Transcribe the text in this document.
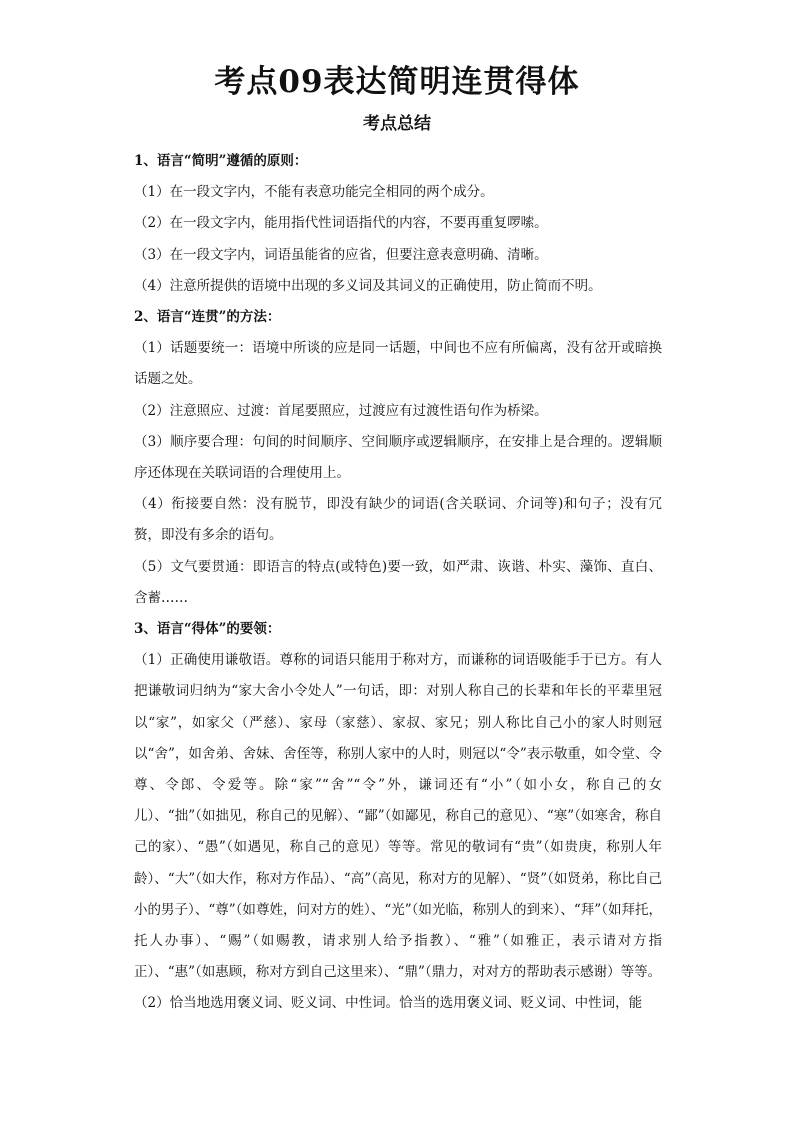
考点09表达简明连贯得体
考点总结

1、语言“简明”遵循的原则：

（1）在一段文字内，不能有表意功能完全相同的两个成分。

（2）在一段文字内，能用指代性词语指代的内容，不要再重复啰嗦。

（3）在一段文字内，词语虽能省的应省，但要注意表意明确、清晰。

（4）注意所提供的语境中出现的多义词及其词义的正确使用，防止简而不明。

2、语言“连贯”的方法：

（1）话题要统一：语境中所谈的应是同一话题，中间也不应有所偏离，没有岔开或暗换话题之处。

（2）注意照应、过渡：首尾要照应，过渡应有过渡性语句作为桥梁。

（3）顺序要合理：句间的时间顺序、空间顺序或逻辑顺序，在安排上是合理的。逻辑顺序还体现在关联词语的合理使用上。

（4）衔接要自然：没有脱节，即没有缺少的词语(含关联词、介词等)和句子；没有冗赘，即没有多余的语句。

（5）文气要贯通：即语言的特点(或特色)要一致，如严肃、诙谐、朴实、藻饰、直白、含蓄……

3、语言“得体”的要领：

（1）正确使用谦敬语。尊称的词语只能用于称对方，而谦称的词语吸能手于已方。有人把谦敬词归纳为“家大舍小令处人”一句话，即：对别人称自己的长辈和年长的平辈里冠以“家”，如家父（严慈）、家母（家慈）、家叔、家兄；别人称比自己小的家人时则冠以“舍”，如舍弟、舍妹、舍侄等，称别人家中的人时，则冠以“令”表示敬重，如令堂、令尊、令郎、令爱等。除“家”“舍”“令”外，谦词还有“小”（如小女，称自己的女儿）、“拙”（如拙见，称自己的见解）、“鄙”（如鄙见，称自己的意见）、“寒”（如寒舍，称自己的家）、“愚”（如遇见，称自己的意见）等等。常见的敬词有“贵”（如贵庚，称别人年龄）、“大”（如大作，称对方作品）、“高”（高见，称对方的见解）、“贤”（如贤弟，称比自己小的男子）、“尊”（如尊姓，问对方的姓）、“光”（如光临，称别人的到来）、“拜”（如拜托，托人办事）、“赐”（如赐教，请求别人给予指教）、“雅”（如雅正，表示请对方指正）、“惠”（如惠顾，称对方到自己这里来）、“鼎”（鼎力，对对方的帮助表示感谢）等等。

（2）恰当地选用褒义词、贬义词、中性词。恰当的选用褒义词、贬义词、中性词，能
